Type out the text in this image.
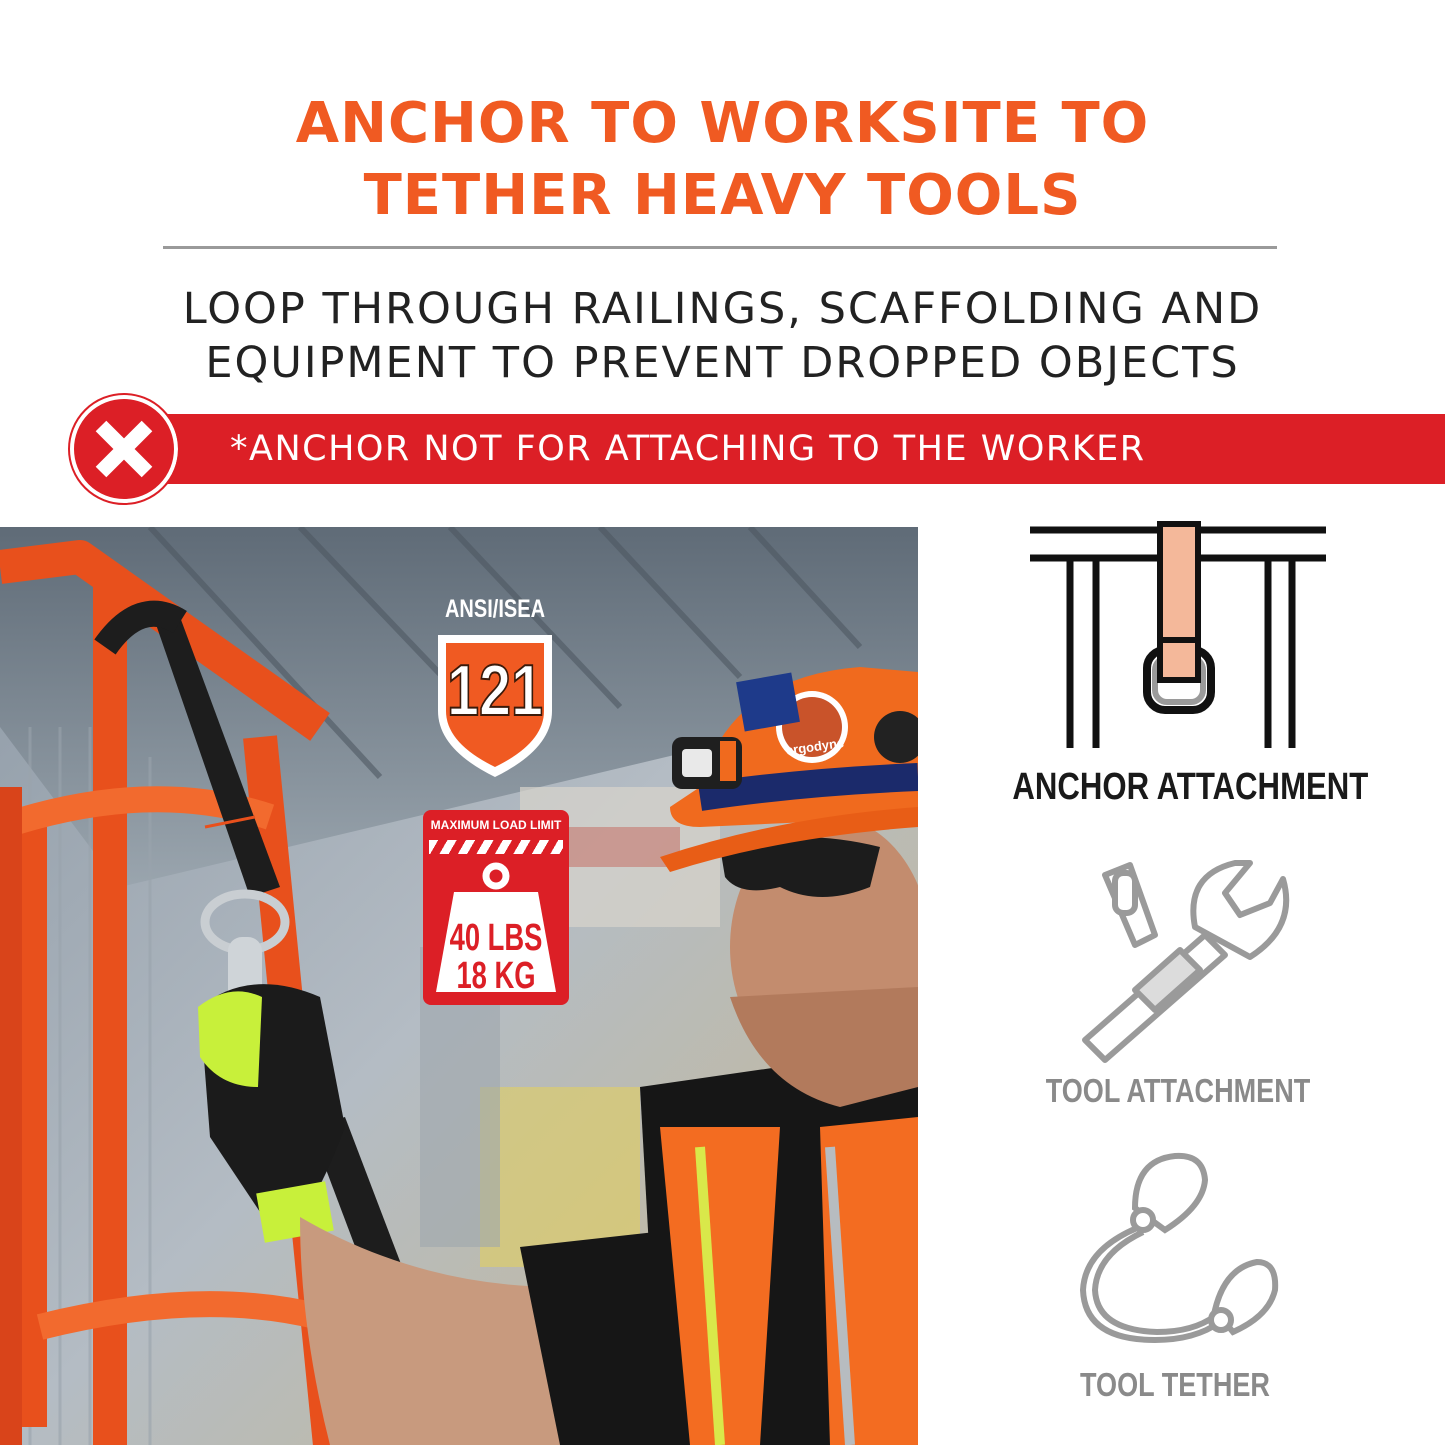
ANCHOR TO WORKSITE TO
TETHER HEAVY TOOLS
LOOP THROUGH RAILINGS, SCAFFOLDING AND
EQUIPMENT TO PREVENT DROPPED OBJECTS
*ANCHOR NOT FOR ATTACHING TO THE WORKER
ANSI/ISEA
121
MAXIMUM LOAD LIMIT
40 LBS
18 KG
ergodyne
ANCHOR ATTACHMENT
TOOL ATTACHMENT
TOOL TETHER
